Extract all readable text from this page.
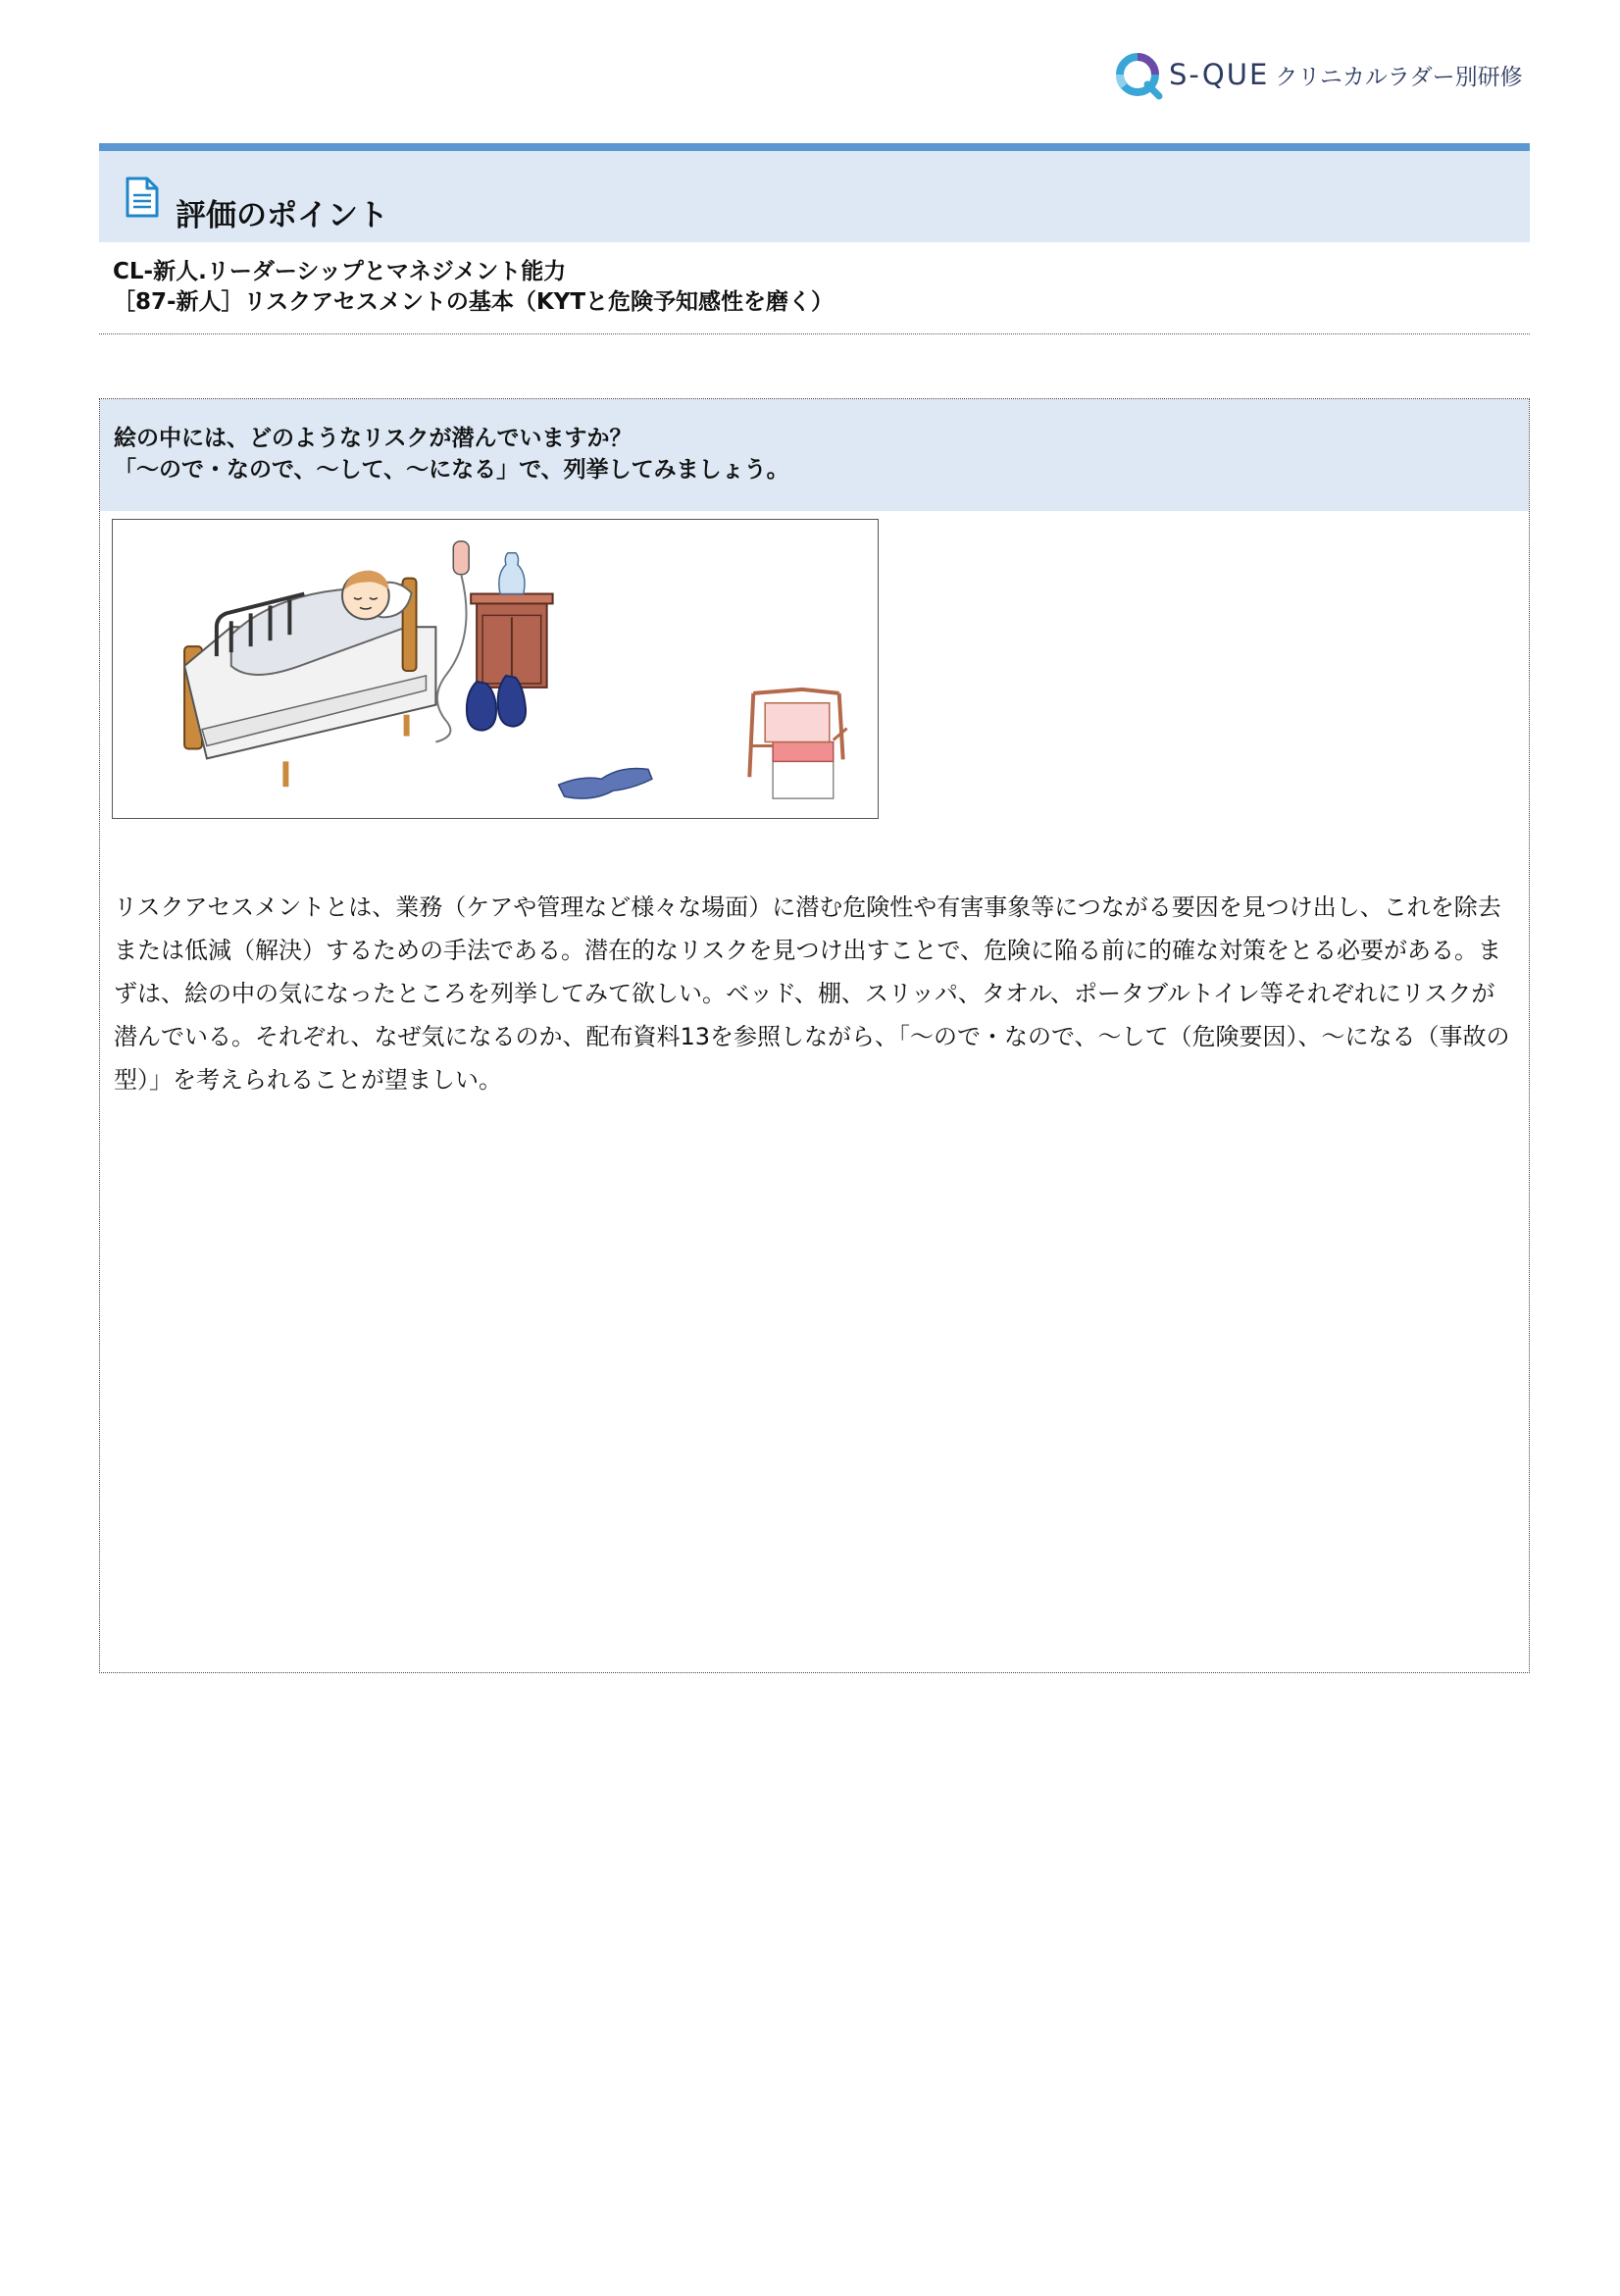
S-QUE クリニカルラダー別研修
評価のポイント
CL-新人.リーダーシップとマネジメント能力
［87-新人］リスクアセスメントの基本（KYTと危険予知感性を磨く）
絵の中には、どのようなリスクが潜んでいますか？
「～ので・なので、～して、～になる」で、列挙してみましょう。

リスクアセスメントとは、業務（ケアや管理など様々な場面）に潜む危険性や有害事象等につながる要因を見つけ出し、これを除去または低減（解決）するための手法である。潜在的なリスクを見つけ出すことで、危険に陥る前に的確な対策をとる必要がある。まずは、絵の中の気になったところを列挙してみて欲しい。ベッド、棚、スリッパ、タオル、ポータブルトイレ等それぞれにリスクが潜んでいる。それぞれ、なぜ気になるのか、配布資料13を参照しながら、「～ので・なので、～して（危険要因）、～になる（事故の型）」を考えられることが望ましい。
